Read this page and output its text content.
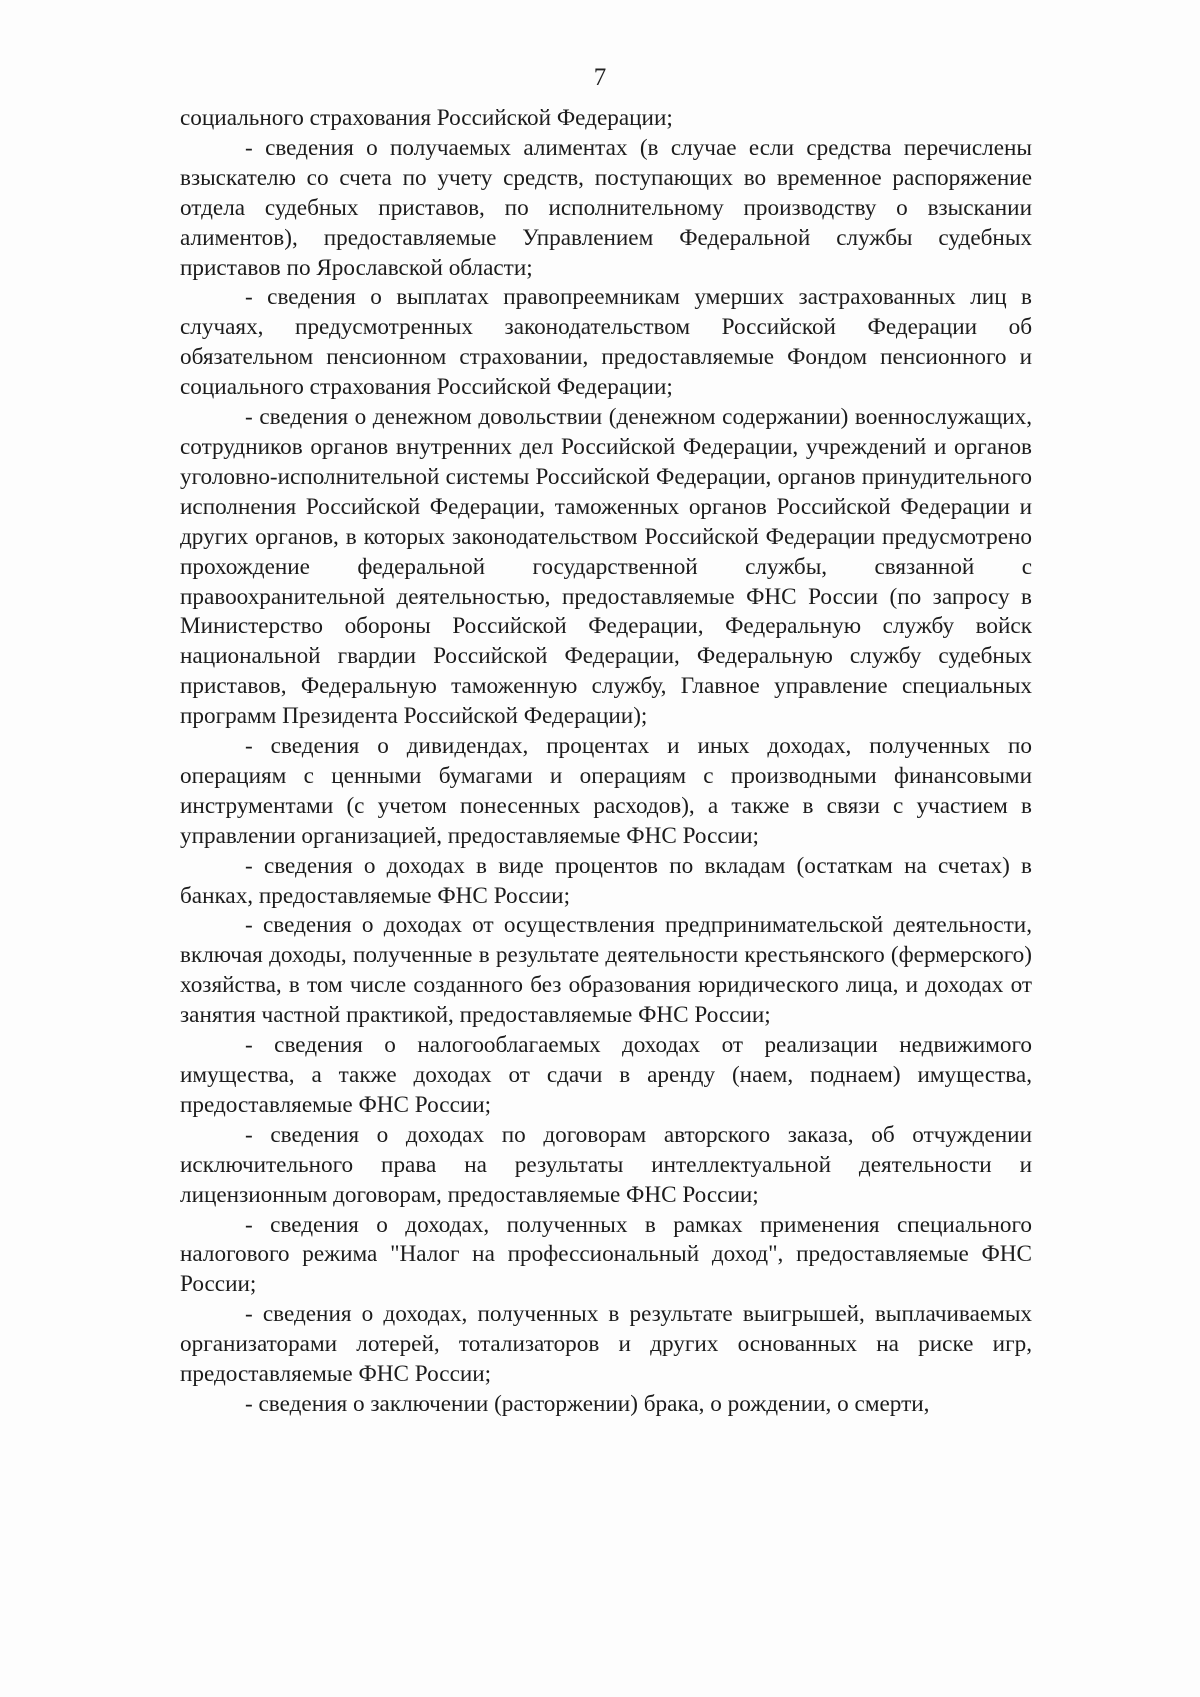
7

социального страхования Российской Федерации;

- сведения о получаемых алиментах (в случае если средства перечислены взыскателю со счета по учету средств, поступающих во временное распоряжение отдела судебных приставов, по исполнительному производству о взыскании алиментов), предоставляемые Управлением Федеральной службы судебных приставов по Ярославской области;

- сведения о выплатах правопреемникам умерших застрахованных лиц в случаях, предусмотренных законодательством Российской Федерации об обязательном пенсионном страховании, предоставляемые Фондом пенсионного и социального страхования Российской Федерации;

- сведения о денежном довольствии (денежном содержании) военнослужащих, сотрудников органов внутренних дел Российской Федерации, учреждений и органов уголовно-исполнительной системы Российской Федерации, органов принудительного исполнения Российской Федерации, таможенных органов Российской Федерации и других органов, в которых законодательством Российской Федерации предусмотрено прохождение федеральной государственной службы, связанной с правоохранительной деятельностью, предоставляемые ФНС России (по запросу в Министерство обороны Российской Федерации, Федеральную службу войск национальной гвардии Российской Федерации, Федеральную службу судебных приставов, Федеральную таможенную службу, Главное управление специальных программ Президента Российской Федерации);

- сведения о дивидендах, процентах и иных доходах, полученных по операциям с ценными бумагами и операциям с производными финансовыми инструментами (с учетом понесенных расходов), а также в связи с участием в управлении организацией, предоставляемые ФНС России;

- сведения о доходах в виде процентов по вкладам (остаткам на счетах) в банках, предоставляемые ФНС России;

- сведения о доходах от осуществления предпринимательской деятельности, включая доходы, полученные в результате деятельности крестьянского (фермерского) хозяйства, в том числе созданного без образования юридического лица, и доходах от занятия частной практикой, предоставляемые ФНС России;

- сведения о налогооблагаемых доходах от реализации недвижимого имущества, а также доходах от сдачи в аренду (наем, поднаем) имущества, предоставляемые ФНС России;

- сведения о доходах по договорам авторского заказа, об отчуждении исключительного права на результаты интеллектуальной деятельности и лицензионным договорам, предоставляемые ФНС России;

- сведения о доходах, полученных в рамках применения специального налогового режима "Налог на профессиональный доход", предоставляемые ФНС России;

- сведения о доходах, полученных в результате выигрышей, выплачиваемых организаторами лотерей, тотализаторов и других основанных на риске игр, предоставляемые ФНС России;

- сведения о заключении (расторжении) брака, о рождении, о смерти,
